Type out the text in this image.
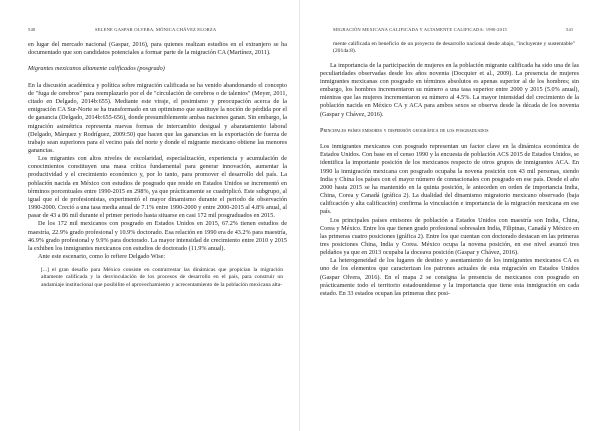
540	SELENE GASPAR OLVERA, MÓNICA CHÁVEZ ELORZA

en lugar del mercado nacional (Gaspar, 2016), para quienes realizan estudios en el extranjero se ha documentado que son candidatos potenciales a formar parte de la migración CA (Martínez, 2011).

Migrantes mexicanos altamente calificados (posgrado)

En la discusión académica y política sobre migración calificada se ha venido abandonando el concepto de "fuga de cerebros" para reemplazarlo por el de "circulación de cerebros o de talentos" (Meyer, 2011, citado en Delgado, 2014b:655). Mediante este viraje, el pesimismo y preocupación acerca de la emigración CA Sur-Norte se ha transformado en un optimismo que sustituye la noción de pérdida por el de ganancia (Delgado, 2014b:655-656), donde presumiblemente ambas naciones ganan. Sin embargo, la migración asimétrica representa nuevas formas de intercambio desigual y abaratamiento laboral (Delgado, Márquez y Rodríguez, 2009:50) que hacen que las ganancias en la exportación de fuerza de trabajo sean superiores para el vecino país del norte y donde el migrante mexicano obtiene las menores ganancias.

Los migrantes con altos niveles de escolaridad, especialización, experiencia y acumulación de conocimientos constituyen una masa crítica fundamental para generar innovación, aumentar la productividad y el crecimiento económico y, por lo tanto, para promover el desarrollo del país. La población nacida en México con estudios de posgrado que reside en Estados Unidos se incrementó en términos porcentuales entre 1990-2015 en 298%, ya que prácticamente se cuadriplicó. Este subgrupo, al igual que el de profesionistas, experimentó el mayor dinamismo durante el periodo de observación 1990-2000. Creció a una tasa media anual de 7.1% entre 1990-2000 y entre 2000-2015 al 4.8% anual, al pasar de 43 a 86 mil durante el primer periodo hasta situarse en casi 172 mil posgraduados en 2015.

De los 172 mil mexicanos con posgrado en Estados Unidos en 2015, 67.2% tienen estudios de maestría, 22.9% grado profesional y 10.9% doctorado. Esa relación en 1990 era de 43.2% para maestría, 46.9% grado profesional y 9.9% para doctorado. La mayor intensidad de crecimiento entre 2010 y 2015 la exhiben los inmigrantes mexicanos con estudios de doctorado (11.9% anual).

Ante este escenario, como lo refiere Delgado Wise:

[...] el gran desafío para México consiste en contrarrestar las dinámicas que propician la migración altamente calificada y la desvinculación de los procesos de desarrollo en el país, para construir un andamiaje institucional que posibilite el aprovechamiento y acrecentamiento de la población mexicana alta-

MIGRACIÓN MEXICANA CALIFICADA Y ALTAMENTE CALIFICADA: 1990-2015	541

mente calificada en beneficio de un proyecto de desarrollo nacional desde abajo, "incluyente y sustentable" (2014a:8).

La importancia de la participación de mujeres en la población migrante calificada ha sido una de las peculiaridades observadas desde los años noventa (Docquier et al., 2009). La presencia de mujeres inmigrantes mexicanas con posgrado en términos absolutos es apenas superior al de los hombres; sin embargo, los hombres incrementaron su número a una tasa superior entre 2000 y 2015 (5.0% anual), mientras que las mujeres incrementaron su número al 4.5%. La mayor intensidad del crecimiento de la población nacida en México CA y ACA para ambos sexos se observa desde la década de los noventa (Gaspar y Chávez, 2016).

Principales países emisores y dispersión geográfica de los posgraduados

Los inmigrantes mexicanos con posgrado representan un factor clave en la dinámica económica de Estados Unidos. Con base en el censo 1990 y la encuesta de población ACS 2015 de Estados Unidos, se identifica la importante posición de los mexicanos respecto de otros grupos de inmigrantes ACA. En 1990 la inmigración mexicana con posgrado ocupaba la novena posición con 43 mil personas, siendo India y China los países con el mayor número de connacionales con posgrado en ese país. Desde el año 2000 hasta 2015 se ha mantenido en la quinta posición, le anteceden en orden de importancia India, China, Corea y Canadá (gráfica 2). La dualidad del dinamismo migratorio mexicano observado (baja calificación y alta calificación) confirma la vinculación e importancia de la migración mexicana en ese país.

Los principales países emisores de población a Estados Unidos con maestría son India, China, Corea y México. Entre los que tienen grado profesional sobresalen India, Filipinas, Canadá y México en las primeras cuatro posiciones (gráfica 2). Entre los que cuentan con doctorado destacan en las primeras tres posiciones China, India y Corea. México ocupa la novena posición, en ese nivel avanzó tres peldaños ya que en 2013 ocupaba la doceava posición (Gaspar y Chávez, 2016).

La heterogeneidad de los lugares de destino y asentamiento de los inmigrantes mexicanos CA es uno de los elementos que caracterizan los patrones actuales de esta migración en Estados Unidos (Gaspar Olvera, 2016). En el mapa 2 se consigna la presencia de mexicanos con posgrado en prácticamente todo el territorio estadounidense y la importancia que tiene esta inmigración en cada estado. En 33 estados ocupan las primeras diez posi-
